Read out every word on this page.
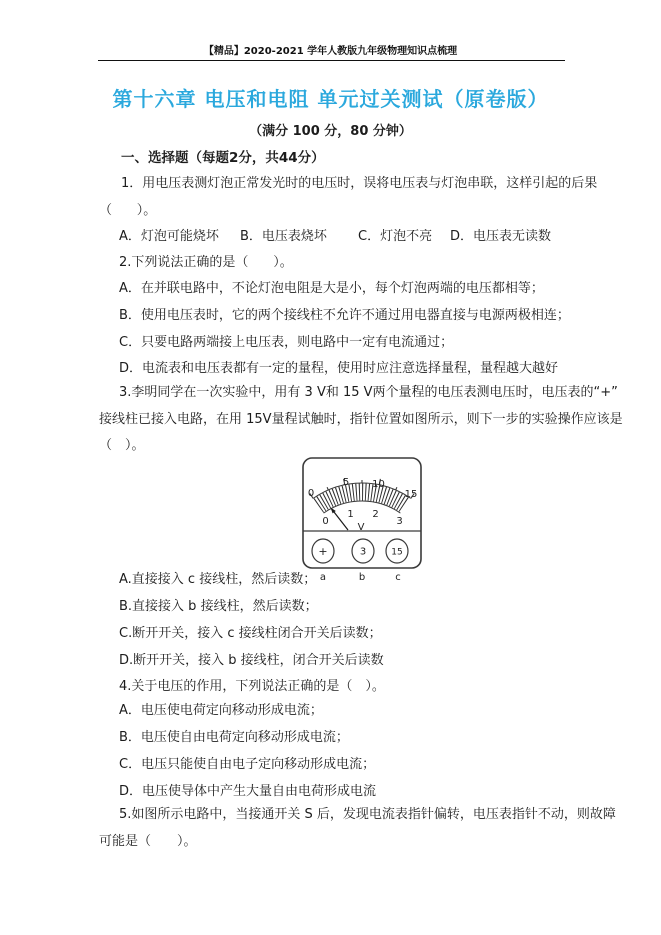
【精品】2020-2021 学年人教版九年级物理知识点梳理
第十六章 电压和电阻 单元过关测试（原卷版）
（满分 100 分，80 分钟）
一、选择题（每题2分，共44分）
1．用电压表测灯泡正常发光时的电压时，误将电压表与灯泡串联，这样引起的后果
（      ）。
A．灯泡可能烧坏 B．电压表烧坏 C．灯泡不亮 D．电压表无读数
2.下列说法正确的是（      ）。
A．在并联电路中，不论灯泡电阻是大是小，每个灯泡两端的电压都相等；
B．使用电压表时，它的两个接线柱不允许不通过用电器直接与电源两极相连；
C．只要电路两端接上电压表，则电路中一定有电流通过；
D．电流表和电压表都有一定的量程，使用时应注意选择量程，量程越大越好
3.李明同学在一次实验中，用有 3 V和 15 V两个量程的电压表测电压时，电压表的“+”
接线柱已接入电路，在用 15V量程试触时，指针位置如图所示，则下一步的实验操作应该是
（　）。
0
5 10
15
0
1 2
3
V
+	3	15
a	b	c
A.直接接入 c 接线柱，然后读数；
B.直接接入 b 接线柱，然后读数；
C.断开开关，接入 c 接线柱闭合开关后读数；
D.断开开关，接入 b 接线柱，闭合开关后读数
4.关于电压的作用，下列说法正确的是（　）。
A．电压使电荷定向移动形成电流；
B．电压使自由电荷定向移动形成电流；
C．电压只能使自由电子定向移动形成电流；
D．电压使导体中产生大量自由电荷形成电流
5.如图所示电路中，当接通开关 S 后，发现电流表指针偏转，电压表指针不动，则故障
可能是（　　）。
